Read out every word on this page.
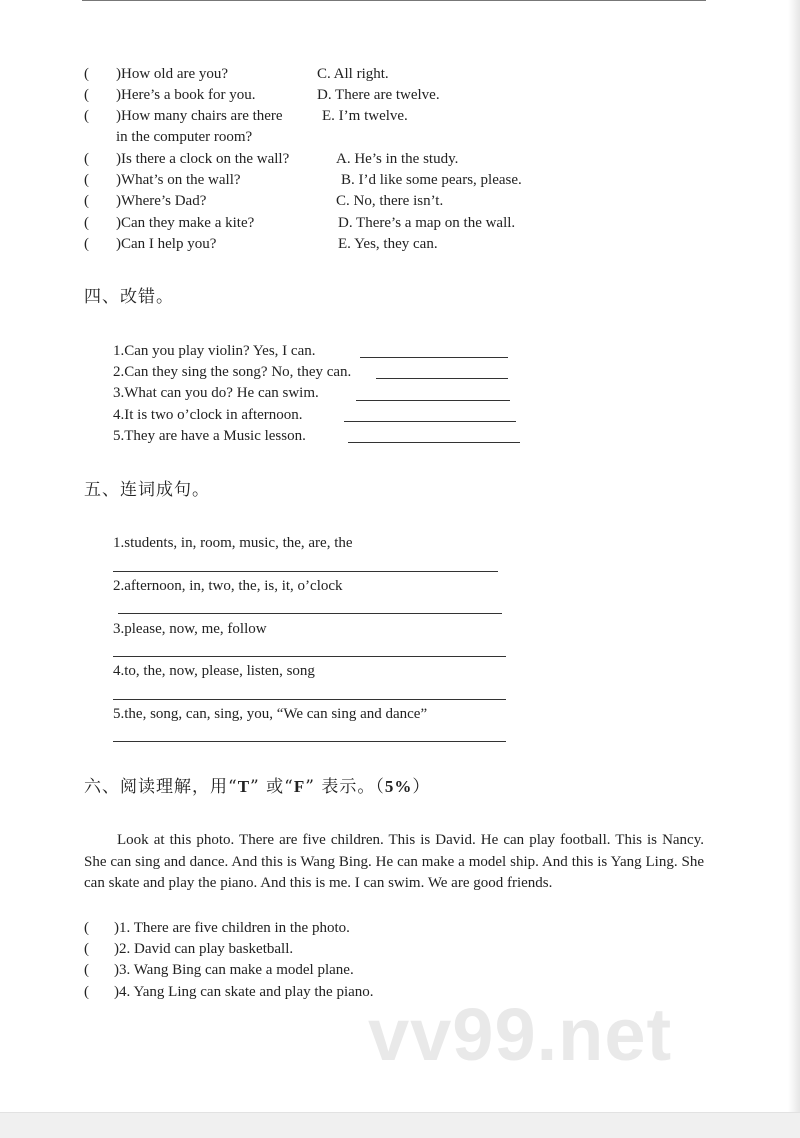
( )How old are you?	C. All right.
( )Here’s a book for you.	D. There are twelve.
( )How many chairs are there	E. I’m twelve.
in the computer room?
( )Is there a clock on the wall?	A. He’s in the study.
( )What’s on the wall?	B. I’d like some pears, please.
( )Where’s Dad?	C. No, there isn’t.
( )Can they make a kite?	D. There’s a map on the wall.
( )Can I help you?	E. Yes, they can.
四、改错。
1.Can you play violin? Yes, I can.
2.Can they sing the song? No, they can.
3.What can you do? He can swim.
4.It is two o’clock in afternoon.
5.They are have a Music lesson.
五、连词成句。
1.students, in, room, music, the, are, the
2.afternoon, in, two, the, is, it, o’clock
3.please, now, me, follow
4.to, the, now, please, listen, song
5.the, song, can, sing, you, “We can sing and dance”
六、阅读理解，用“T” 或“F” 表示。（5%）
Look at this photo. There are five children. This is David. He can play football. This is Nancy. She can sing and dance. And this is Wang Bing. He can make a model ship. And this is Yang Ling. She can skate and play the piano. And this is me. I can swim. We are good friends.
( )1. There are five children in the photo.
( )2. David can play basketball.
( )3. Wang Bing can make a model plane.
( )4. Yang Ling can skate and play the piano.
vv99.net
